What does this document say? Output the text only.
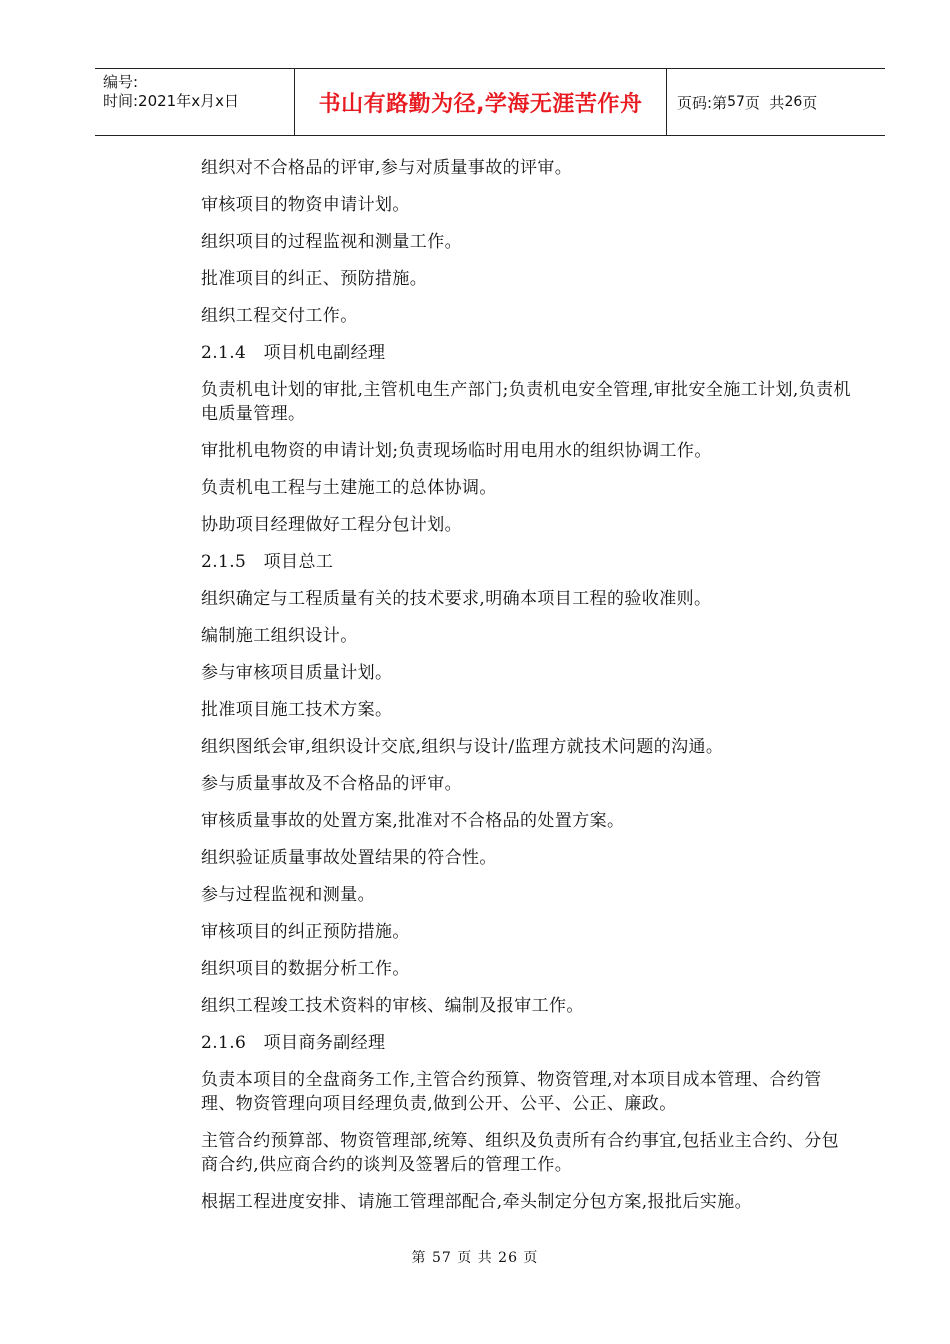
编号:
时间:2021年x月x日	书山有路勤为径,学海无涯苦作舟 页码:第 57 页  共 26 页

组织对不合格品的评审,参与对质量事故的评审。

审核项目的物资申请计划。

组织项目的过程监视和测量工作。

批准项目的纠正、预防措施。

组织工程交付工作。

2.1.4　项目机电副经理

负责机电计划的审批,主管机电生产部门;负责机电安全管理,审批安全施工计划,负责机电质量管理。

审批机电物资的申请计划;负责现场临时用电用水的组织协调工作。

负责机电工程与土建施工的总体协调。

协助项目经理做好工程分包计划。

2.1.5　项目总工

组织确定与工程质量有关的技术要求,明确本项目工程的验收准则。

编制施工组织设计。

参与审核项目质量计划。

批准项目施工技术方案。

组织图纸会审,组织设计交底,组织与设计/监理方就技术问题的沟通。

参与质量事故及不合格品的评审。

审核质量事故的处置方案,批准对不合格品的处置方案。

组织验证质量事故处置结果的符合性。

参与过程监视和测量。

审核项目的纠正预防措施。

组织项目的数据分析工作。

组织工程竣工技术资料的审核、编制及报审工作。

2.1.6　项目商务副经理

负责本项目的全盘商务工作,主管合约预算、物资管理,对本项目成本管理、合约管理、物资管理向项目经理负责,做到公开、公平、公正、廉政。

主管合约预算部、物资管理部,统筹、组织及负责所有合约事宜,包括业主合约、分包商合约,供应商合约的谈判及签署后的管理工作。

根据工程进度安排、请施工管理部配合,牵头制定分包方案,报批后实施。

第 57 页 共 26 页
